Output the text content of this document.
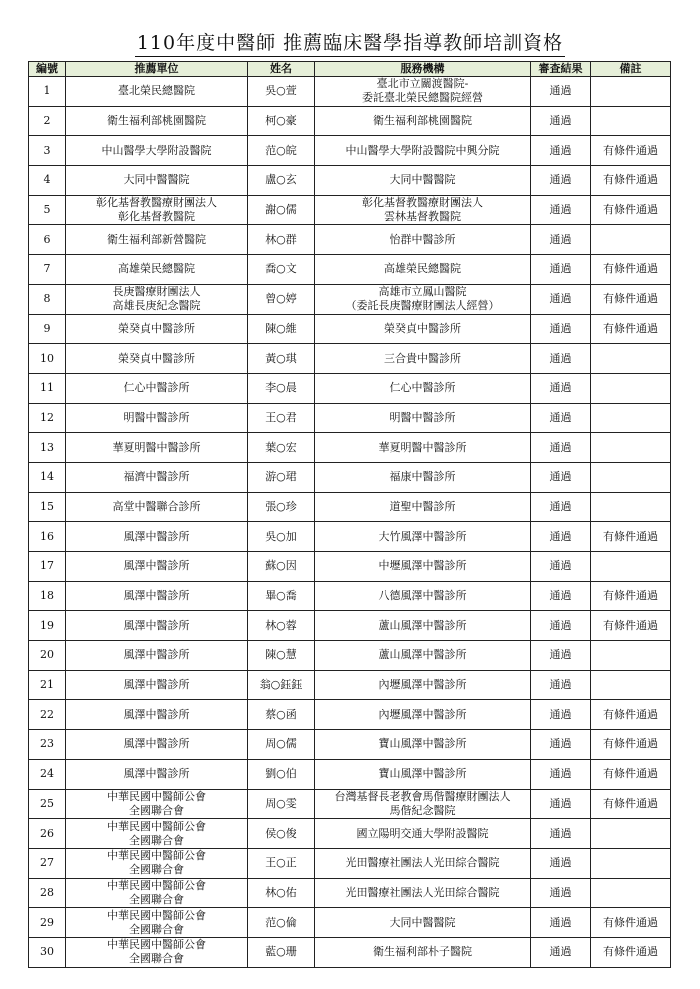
110年度中醫師 推薦臨床醫學指導教師培訓資格
編號	推薦單位	姓名	服務機構	審查結果	備註

1	臺北榮民總醫院	吳○萱	臺北市立關渡醫院-
委託臺北榮民總醫院經營	通過	

2	衛生福利部桃園醫院	柯○豪	衛生福利部桃園醫院	通過	

3	中山醫學大學附設醫院	范○皖	中山醫學大學附設醫院中興分院	通過	有條件通過

4	大同中醫醫院	盧○玄	大同中醫醫院	通過	有條件通過

5	彰化基督教醫療財團法人
彰化基督教醫院	謝○儒	彰化基督教醫療財團法人
雲林基督教醫院	通過	有條件通過

6	衛生福利部新營醫院	林○群	怡群中醫診所	通過	

7	高雄榮民總醫院	喬○文	高雄榮民總醫院	通過	有條件通過

8	長庚醫療財團法人
高雄長庚紀念醫院	曾○婷	高雄市立鳳山醫院
（委託長庚醫療財團法人經營）	通過	有條件通過

9	榮癸貞中醫診所	陳○維	榮癸貞中醫診所	通過	有條件通過

10	榮癸貞中醫診所	黃○琪	三合貴中醫診所	通過	

11	仁心中醫診所	李○晨	仁心中醫診所	通過	

12	明醫中醫診所	王○君	明醫中醫診所	通過	

13	華夏明醫中醫診所	葉○宏	華夏明醫中醫診所	通過	

14	福濟中醫診所	游○珺	福康中醫診所	通過	

15	高堂中醫聯合診所	張○珍	道聖中醫診所	通過	

16	風澤中醫診所	吳○加	大竹風澤中醫診所	通過	有條件通過

17	風澤中醫診所	蘇○因	中壢風澤中醫診所	通過	

18	風澤中醫診所	畢○喬	八德風澤中醫診所	通過	有條件通過

19	風澤中醫診所	林○蓉	蘆山風澤中醫診所	通過	有條件通過

20	風澤中醫診所	陳○慧	蘆山風澤中醫診所	通過	

21	風澤中醫診所	翁○鈺鈺	內壢風澤中醫診所	通過	

22	風澤中醫診所	蔡○函	內壢風澤中醫診所	通過	有條件通過

23	風澤中醫診所	周○儒	寶山風澤中醫診所	通過	有條件通過

24	風澤中醫診所	劉○伯	寶山風澤中醫診所	通過	有條件通過

25	中華民國中醫師公會
全國聯合會	周○雯	台灣基督長老教會馬偕醫療財團法人
馬偕紀念醫院	通過	有條件通過

26	中華民國中醫師公會
全國聯合會	侯○俊	國立陽明交通大學附設醫院	通過	

27	中華民國中醫師公會
全國聯合會	王○正	光田醫療社團法人光田綜合醫院	通過	

28	中華民國中醫師公會
全國聯合會	林○佑	光田醫療社團法人光田綜合醫院	通過	

29	中華民國中醫師公會
全國聯合會	范○倫	大同中醫醫院	通過	有條件通過

30	中華民國中醫師公會
全國聯合會	藍○珊	衛生福利部朴子醫院	通過	有條件通過
